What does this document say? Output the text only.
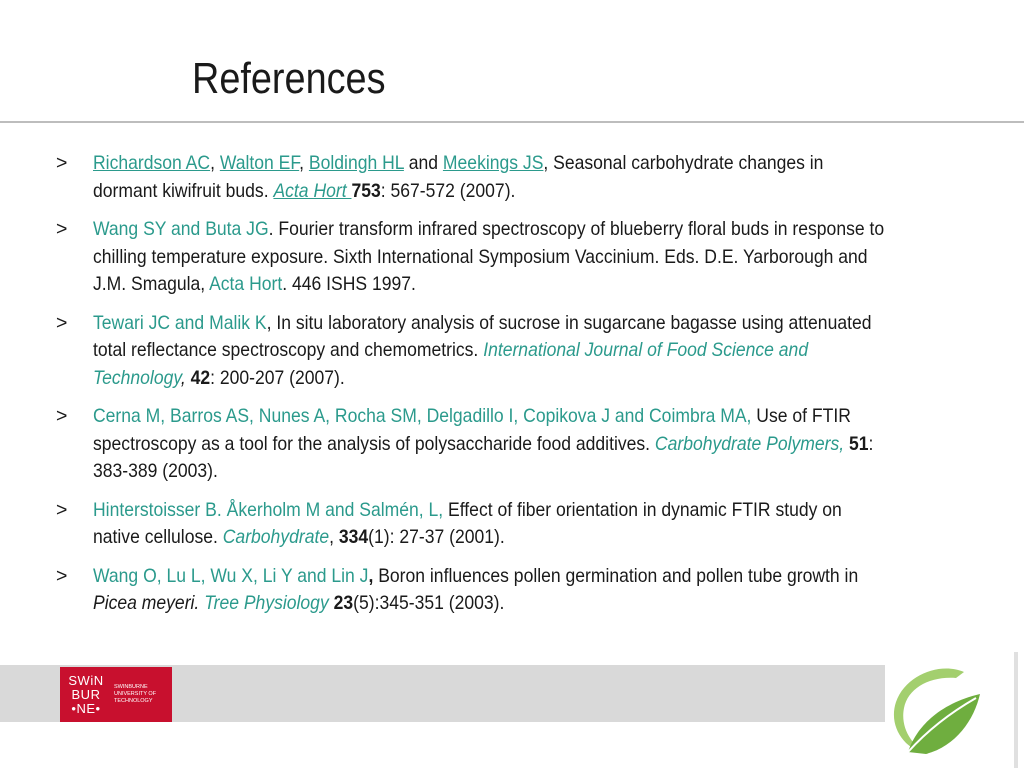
References
> Richardson AC, Walton EF, Boldingh HL and Meekings JS, Seasonal carbohydrate changes in dormant kiwifruit buds. Acta Hort 753: 567-572 (2007).
> Wang SY and Buta JG. Fourier transform infrared spectroscopy of blueberry floral buds in response to chilling temperature exposure. Sixth International Symposium Vaccinium. Eds. D.E. Yarborough and J.M. Smagula, Acta Hort. 446 ISHS 1997.
> Tewari JC and Malik K, In situ laboratory analysis of sucrose in sugarcane bagasse using attenuated total reflectance spectroscopy and chemometrics. International Journal of Food Science and Technology, 42: 200-207 (2007).
> Cerna M, Barros AS, Nunes A, Rocha SM, Delgadillo I, Copikova J and Coimbra MA, Use of FTIR spectroscopy as a tool for the analysis of polysaccharide food additives. Carbohydrate Polymers, 51: 383-389 (2003).
> Hinterstoisser B. Åkerholm M and Salmén, L, Effect of fiber orientation in dynamic FTIR study on native cellulose. Carbohydrate, 334(1): 27-37 (2001).
> Wang O, Lu L, Wu X, Li Y and Lin J, Boron influences pollen germination and pollen tube growth in Picea meyeri. Tree Physiology 23(5):345-351 (2003).
SWiN
BUR
•NE•
SWINBURNE
UNIVERSITY OF
TECHNOLOGY
